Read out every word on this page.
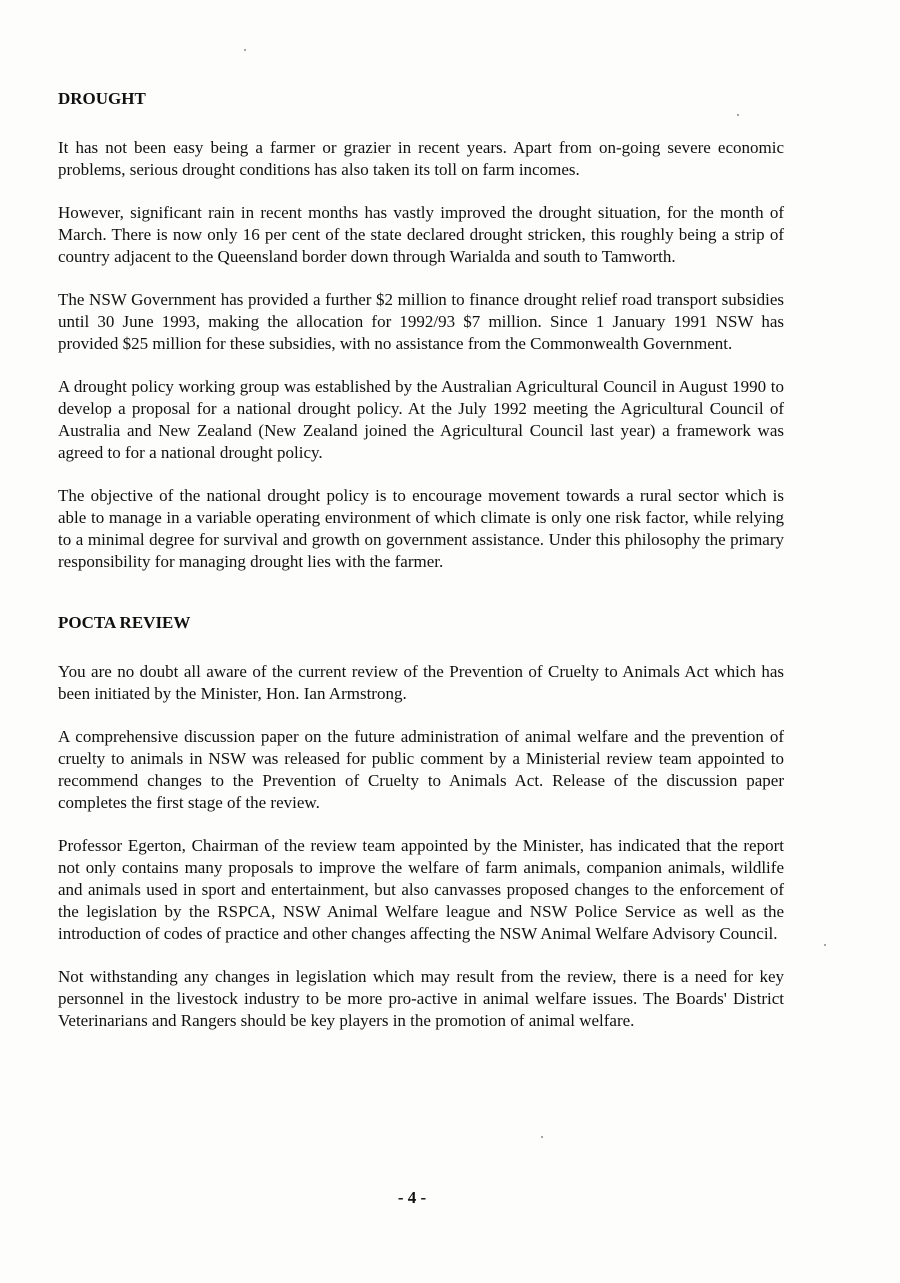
DROUGHT

It has not been easy being a farmer or grazier in recent years. Apart from on-going severe economic problems, serious drought conditions has also taken its toll on farm incomes.

However, significant rain in recent months has vastly improved the drought situation, for the month of March. There is now only 16 per cent of the state declared drought stricken, this roughly being a strip of country adjacent to the Queensland border down through Warialda and south to Tamworth.

The NSW Government has provided a further $2 million to finance drought relief road transport subsidies until 30 June 1993, making the allocation for 1992/93 $7 million. Since 1 January 1991 NSW has provided $25 million for these subsidies, with no assistance from the Commonwealth Government.

A drought policy working group was established by the Australian Agricultural Council in August 1990 to develop a proposal for a national drought policy. At the July 1992 meeting the Agricultural Council of Australia and New Zealand (New Zealand joined the Agricultural Council last year) a framework was agreed to for a national drought policy.

The objective of the national drought policy is to encourage movement towards a rural sector which is able to manage in a variable operating environment of which climate is only one risk factor, while relying to a minimal degree for survival and growth on government assistance. Under this philosophy the primary responsibility for managing drought lies with the farmer.

POCTA REVIEW

You are no doubt all aware of the current review of the Prevention of Cruelty to Animals Act which has been initiated by the Minister, Hon. Ian Armstrong.

A comprehensive discussion paper on the future administration of animal welfare and the prevention of cruelty to animals in NSW was released for public comment by a Ministerial review team appointed to recommend changes to the Prevention of Cruelty to Animals Act. Release of the discussion paper completes the first stage of the review.

Professor Egerton, Chairman of the review team appointed by the Minister, has indicated that the report not only contains many proposals to improve the welfare of farm animals, companion animals, wildlife and animals used in sport and entertainment, but also canvasses proposed changes to the enforcement of the legislation by the RSPCA, NSW Animal Welfare league and NSW Police Service as well as the introduction of codes of practice and other changes affecting the NSW Animal Welfare Advisory Council.

Not withstanding any changes in legislation which may result from the review, there is a need for key personnel in the livestock industry to be more pro-active in animal welfare issues. The Boards' District Veterinarians and Rangers should be key players in the promotion of animal welfare.

- 4 -
